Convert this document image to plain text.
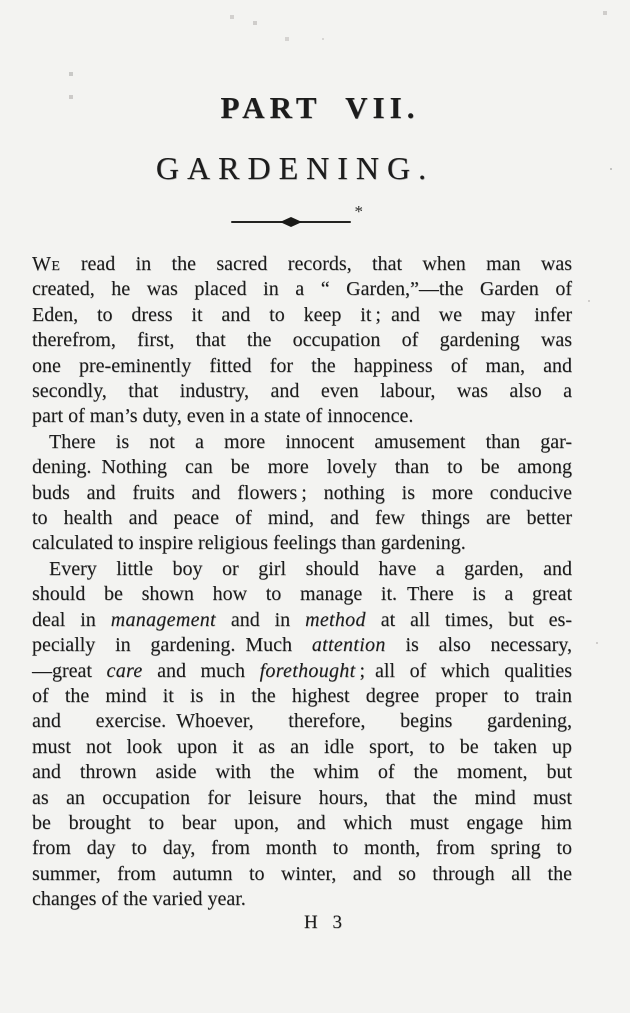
PART VII.
GARDENING.
*
We read in the sacred records, that when man was
created, he was placed in a “ Garden,”—the Garden of
Eden, to dress it and to keep it ; and we may infer
therefrom, first, that the occupation of gardening was
one pre-eminently fitted for the happiness of man, and
secondly, that industry, and even labour, was also a
part of man’s duty, even in a state of innocence.
There is not a more innocent amusement than gar-
dening. Nothing can be more lovely than to be among
buds and fruits and flowers ; nothing is more conducive
to health and peace of mind, and few things are better
calculated to inspire religious feelings than gardening.
Every little boy or girl should have a garden, and
should be shown how to manage it. There is a great
deal in management and in method at all times, but es-
pecially in gardening. Much attention is also necessary,
—great care and much forethought ; all of which qualities
of the mind it is in the highest degree proper to train
and exercise. Whoever, therefore, begins gardening,
must not look upon it as an idle sport, to be taken up
and thrown aside with the whim of the moment, but
as an occupation for leisure hours, that the mind must
be brought to bear upon, and which must engage him
from day to day, from month to month, from spring to
summer, from autumn to winter, and so through all the
changes of the varied year.
H 3
